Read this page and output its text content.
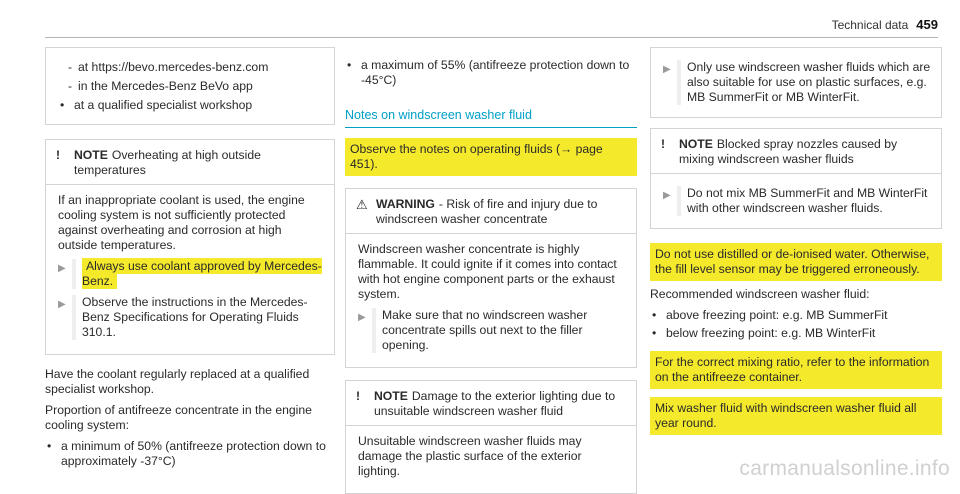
Technical data 459
- at https://bevo.mercedes-benz.com
- in the Mercedes-Benz BeVo app
• at a qualified specialist workshop
!	NOTE Overheating at high outside temperatures

If an inappropriate coolant is used, the engine cooling system is not sufficiently protected against overheating and corrosion at high outside temperatures.

▶	Always use coolant approved by Mercedes-Benz.
▶	Observe the instructions in the Mercedes-Benz Specifications for Operating Fluids 310.1.

Have the coolant regularly replaced at a qualified specialist workshop.

Proportion of antifreeze concentrate in the engine cooling system:

• a minimum of 50% (antifreeze protection down to approximately -37°C)
• a maximum of 55% (antifreeze protection down to -45°C)
Notes on windscreen washer fluid
Observe the notes on operating fluids (→ page 451).
⚠ WARNING - Risk of fire and injury due to windscreen washer concentrate

Windscreen washer concentrate is highly flammable. It could ignite if it comes into contact with hot engine component parts or the exhaust system.

▶	Make sure that no windscreen washer concentrate spills out next to the filler opening.
!	NOTE Damage to the exterior lighting due to unsuitable windscreen washer fluid

Unsuitable windscreen washer fluids may damage the plastic surface of the exterior lighting.

▶	Only use windscreen washer fluids which are also suitable for use on plastic surfaces, e.g. MB SummerFit or MB WinterFit.
!	NOTE Blocked spray nozzles caused by mixing windscreen washer fluids
▶	Do not mix MB SummerFit and MB WinterFit with other windscreen washer fluids.
Do not use distilled or de-ionised water. Otherwise, the fill level sensor may be triggered erroneously.

Recommended windscreen washer fluid:

• above freezing point: e.g. MB SummerFit
• below freezing point: e.g. MB WinterFit
For the correct mixing ratio, refer to the information on the antifreeze container.
Mix washer fluid with windscreen washer fluid all year round.
carmanualsonline.info
